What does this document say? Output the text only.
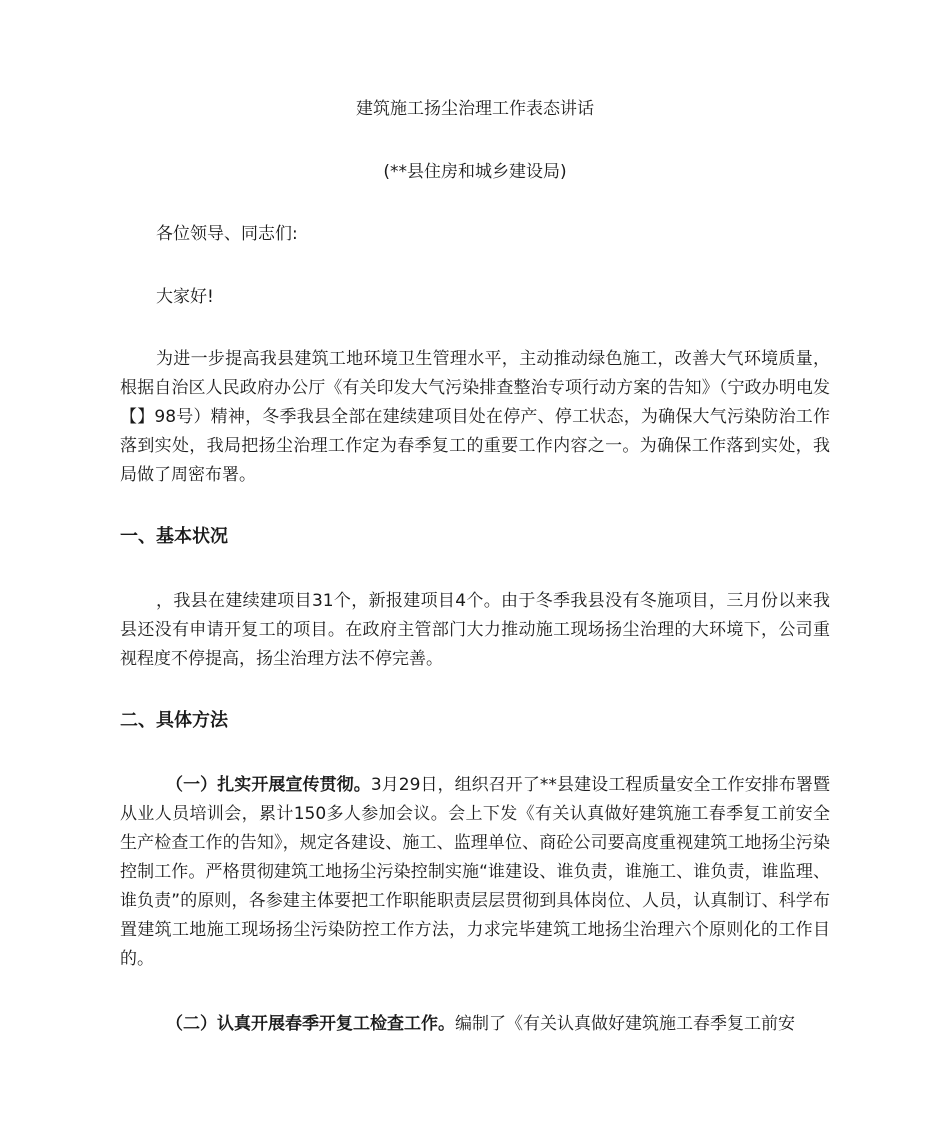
建筑施工扬尘治理工作表态讲话
(**县住房和城乡建设局)
各位领导、同志们:
大家好!
为进一步提高我县建筑工地环境卫生管理水平，主动推动绿色施工，改善大气环境质量，根据自治区人民政府办公厅《有关印发大气污染排查整治专项行动方案的告知》（宁政办明电发【】98号）精神，冬季我县全部在建续建项目处在停产、停工状态，为确保大气污染防治工作落到实处，我局把扬尘治理工作定为春季复工的重要工作内容之一。为确保工作落到实处，我局做了周密布署。
一、基本状况
，我县在建续建项目31个，新报建项目4个。由于冬季我县没有冬施项目，三月份以来我县还没有申请开复工的项目。在政府主管部门大力推动施工现场扬尘治理的大环境下，公司重视程度不停提高，扬尘治理方法不停完善。
二、具体方法
（一）扎实开展宣传贯彻。3月29日，组织召开了**县建设工程质量安全工作安排布署暨从业人员培训会，累计150多人参加会议。会上下发《有关认真做好建筑施工春季复工前安全生产检查工作的告知》，规定各建设、施工、监理单位、商砼公司要高度重视建筑工地扬尘污染控制工作。严格贯彻建筑工地扬尘污染控制实施“谁建设、谁负责，谁施工、谁负责，谁监理、谁负责”的原则，各参建主体要把工作职能职责层层贯彻到具体岗位、人员，认真制订、科学布置建筑工地施工现场扬尘污染防控工作方法，力求完毕建筑工地扬尘治理六个原则化的工作目的。
（二）认真开展春季开复工检查工作。编制了《有关认真做好建筑施工春季复工前安
